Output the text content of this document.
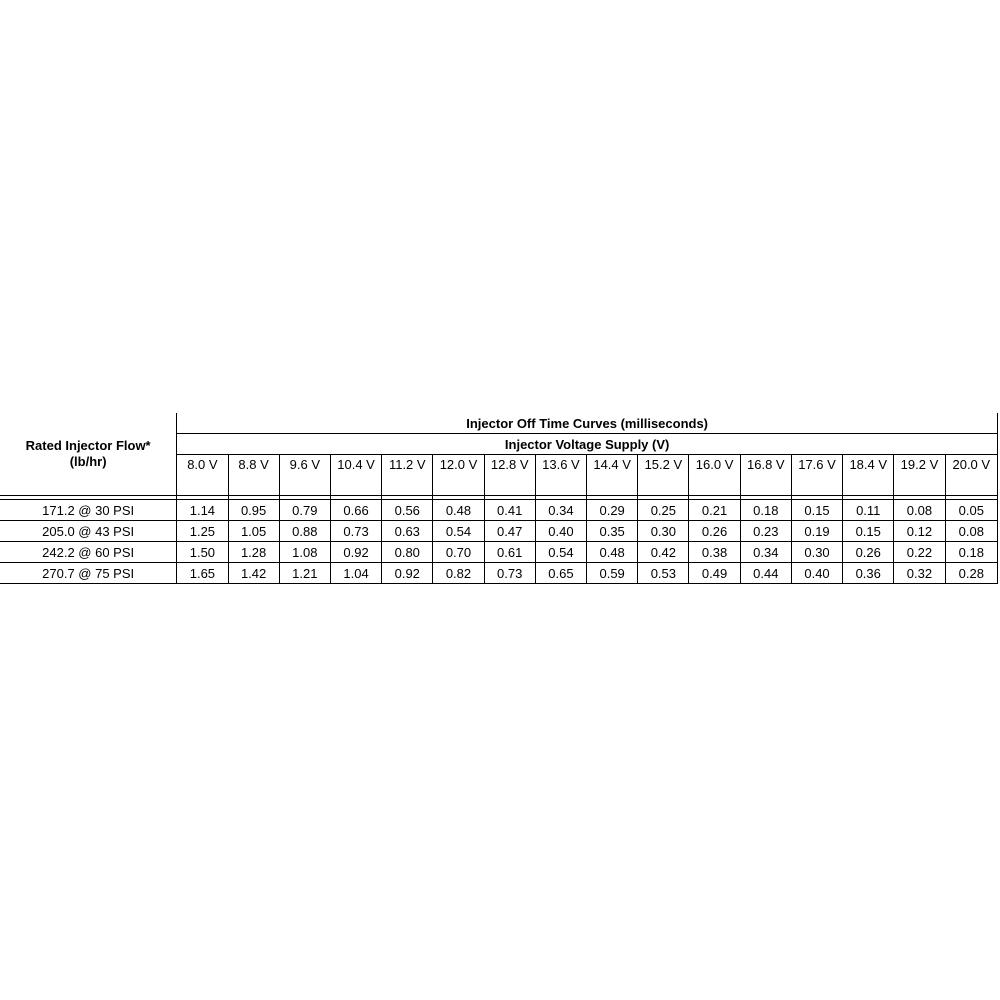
	Injector Off Time Curves (milliseconds)															

Rated Injector Flow*
(lb/hr)	Injector Voltage Supply (V)															
	8.0 V	8.8 V	9.6 V	10.4 V	11.2 V	12.0 V	12.8 V	13.6 V	14.4 V	15.2 V	16.0 V	16.8 V	17.6 V	18.4 V	19.2 V	20.0 V

171.2 @ 30 PSI	1.14	0.95	0.79	0.66	0.56	0.48	0.41	0.34	0.29	0.25	0.21	0.18	0.15	0.11	0.08	0.05
205.0 @ 43 PSI	1.25	1.05	0.88	0.73	0.63	0.54	0.47	0.40	0.35	0.30	0.26	0.23	0.19	0.15	0.12	0.08
242.2 @ 60 PSI	1.50	1.28	1.08	0.92	0.80	0.70	0.61	0.54	0.48	0.42	0.38	0.34	0.30	0.26	0.22	0.18
270.7 @ 75 PSI	1.65	1.42	1.21	1.04	0.92	0.82	0.73	0.65	0.59	0.53	0.49	0.44	0.40	0.36	0.32	0.28
